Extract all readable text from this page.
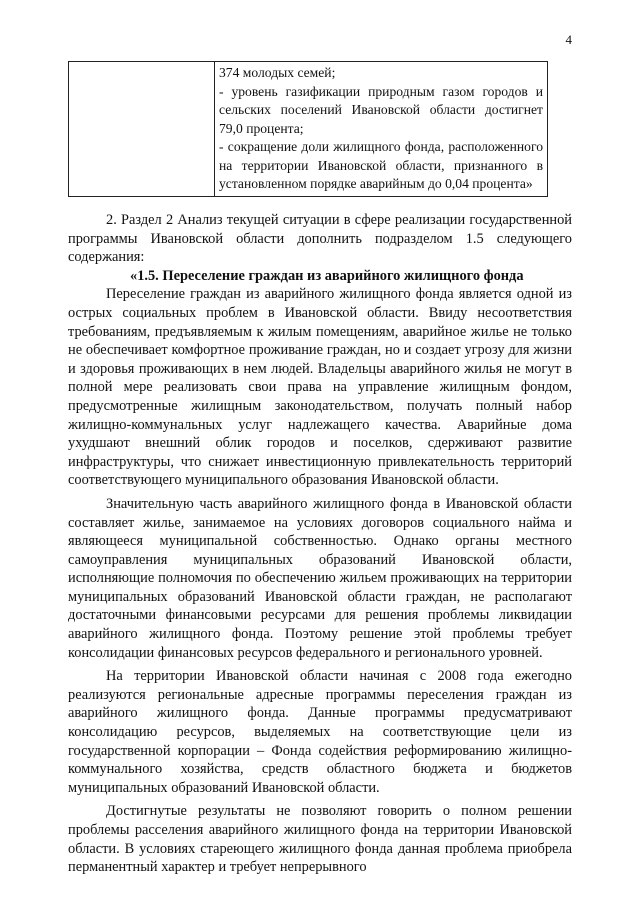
4

374 молодых семей;
- уровень газификации природным газом городов и сельских поселений Ивановской области достигнет 79,0 процента;
- сокращение доли жилищного фонда, расположенного на территории Ивановской области, признанного в установленном порядке аварийным до 0,04 процента»

2. Раздел 2 Анализ текущей ситуации в сфере реализации государственной программы Ивановской области дополнить подразделом 1.5 следующего содержания:

«1.5. Переселение граждан из аварийного жилищного фонда

Переселение граждан из аварийного жилищного фонда является одной из острых социальных проблем в Ивановской области. Ввиду несоответствия требованиям, предъявляемым к жилым помещениям, аварийное жилье не только не обеспечивает комфортное проживание граждан, но и создает угрозу для жизни и здоровья проживающих в нем людей. Владельцы аварийного жилья не могут в полной мере реализовать свои права на управление жилищным фондом, предусмотренные жилищным законодательством, получать полный набор жилищно-коммунальных услуг надлежащего качества. Аварийные дома ухудшают внешний облик городов и поселков, сдерживают развитие инфраструктуры, что снижает инвестиционную привлекательность территорий соответствующего муниципального образования Ивановской области.

Значительную часть аварийного жилищного фонда в Ивановской области составляет жилье, занимаемое на условиях договоров социального найма и являющееся муниципальной собственностью. Однако органы местного самоуправления муниципальных образований Ивановской области, исполняющие полномочия по обеспечению жильем проживающих на территории муниципальных образований Ивановской области граждан, не располагают достаточными финансовыми ресурсами для решения проблемы ликвидации аварийного жилищного фонда. Поэтому решение этой проблемы требует консолидации финансовых ресурсов федерального и регионального уровней.

На территории Ивановской области начиная с 2008 года ежегодно реализуются региональные адресные программы переселения граждан из аварийного жилищного фонда. Данные программы предусматривают консолидацию ресурсов, выделяемых на соответствующие цели из государственной корпорации – Фонда содействия реформированию жилищно-коммунального хозяйства, средств областного бюджета и бюджетов муниципальных образований Ивановской области.

Достигнутые результаты не позволяют говорить о полном решении проблемы расселения аварийного жилищного фонда на территории Ивановской области. В условиях стареющего жилищного фонда данная проблема приобрела перманентный характер и требует непрерывного
